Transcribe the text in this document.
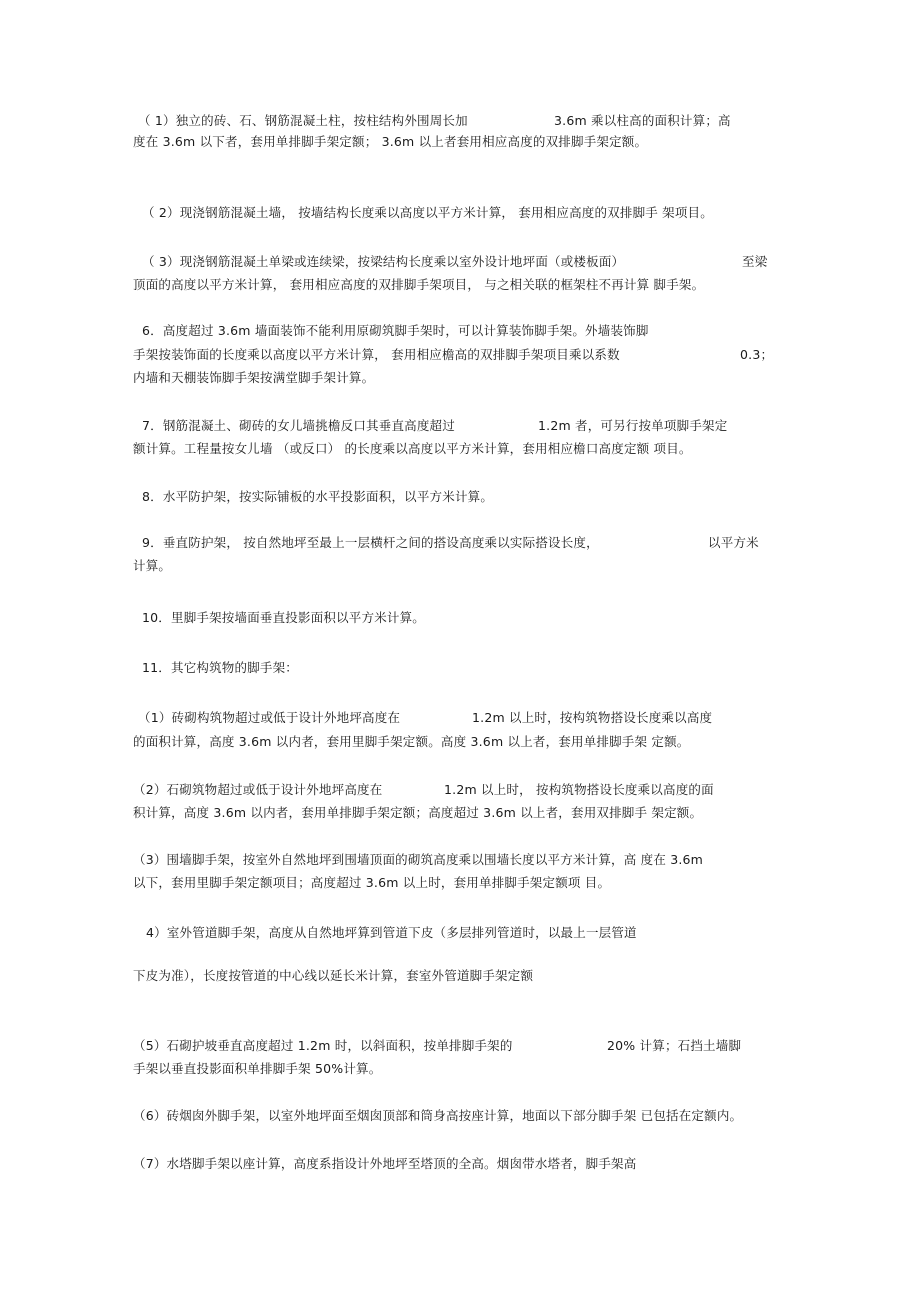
（ 1）独立的砖、石、钢筋混凝土柱，按柱结构外围周长加	3.6m 乘以柱高的面积计算；高

度在 3.6m 以下者，套用单排脚手架定额； 3.6m 以上者套用相应高度的双排脚手架定额。

（ 2）现浇钢筋混凝土墙， 按墙结构长度乘以高度以平方米计算， 套用相应高度的双排脚手 架项目。

（ 3）现浇钢筋混凝土单梁或连续梁，按梁结构长度乘以室外设计地坪面（或楼板面）	至梁

顶面的高度以平方米计算， 套用相应高度的双排脚手架项目， 与之相关联的框架柱不再计算 脚手架。

6．高度超过 3.6m 墙面装饰不能利用原砌筑脚手架时，可以计算装饰脚手架。外墙装饰脚

手架按装饰面的长度乘以高度以平方米计算， 套用相应檐高的双排脚手架项目乘以系数	0.3；

内墙和天棚装饰脚手架按满堂脚手架计算。

7．钢筋混凝土、砌砖的女儿墙挑檐反口其垂直高度超过	1.2m 者，可另行按单项脚手架定

额计算。工程量按女儿墙 （或反口） 的长度乘以高度以平方米计算，套用相应檐口高度定额 项目。

8．水平防护架，按实际铺板的水平投影面积，以平方米计算。

9．垂直防护架， 按自然地坪至最上一层横杆之间的搭设高度乘以实际搭设长度，	以平方米

计算。

10．里脚手架按墙面垂直投影面积以平方米计算。

11．其它构筑物的脚手架：

（1）砖砌构筑物超过或低于设计外地坪高度在	1.2m 以上时，按构筑物搭设长度乘以高度

的面积计算，高度 3.6m 以内者，套用里脚手架定额。高度 3.6m 以上者，套用单排脚手架 定额。

（2）石砌筑物超过或低于设计外地坪高度在	1.2m 以上时， 按构筑物搭设长度乘以高度的面

积计算，高度 3.6m 以内者，套用单排脚手架定额；高度超过 3.6m 以上者，套用双排脚手 架定额。

（3）围墙脚手架，按室外自然地坪到围墙顶面的砌筑高度乘以围墙长度以平方米计算，高 度在 3.6m

以下，套用里脚手架定额项目；高度超过 3.6m 以上时，套用单排脚手架定额项 目。

4）室外管道脚手架，高度从自然地坪算到管道下皮（多层排列管道时，以最上一层管道

下皮为准），长度按管道的中心线以延长米计算，套室外管道脚手架定额

（5）石砌护坡垂直高度超过 1.2m 时，以斜面积，按单排脚手架的	20% 计算；石挡土墙脚

手架以垂直投影面积单排脚手架 50%计算。

（6）砖烟囱外脚手架，以室外地坪面至烟囱顶部和筒身高按座计算，地面以下部分脚手架 已包括在定额内。

（7）水塔脚手架以座计算，高度系指设计外地坪至塔顶的全高。烟囱带水塔者，脚手架高
